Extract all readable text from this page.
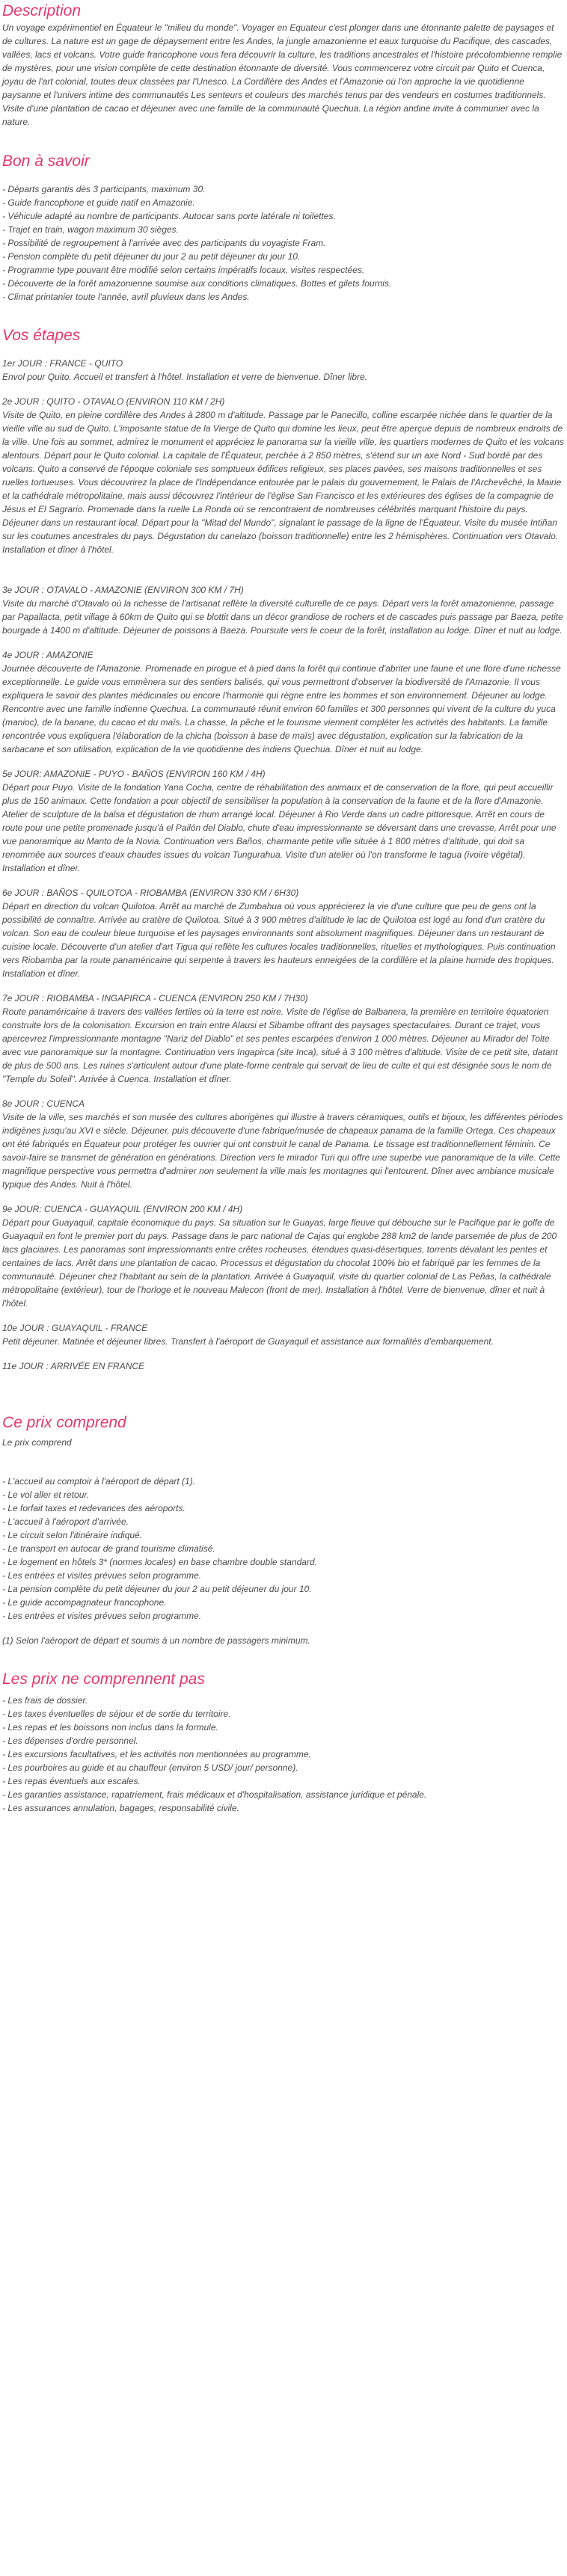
Description

Un voyage expérimentiel en Équateur le "milieu du monde". Voyager en Equateur c'est plonger dans une étonnante palette de paysages et de cultures. La nature est un gage de dépaysement entre les Andes, la jungle amazonienne et eaux turquoise du Pacifique, des cascades, vallées, lacs et volcans. Votre guide francophone vous fera découvrir la culture, les traditions ancestrales et l'histoire précolombienne remplie de mystères, pour une vision complète de cette destination étonnante de diversité. Vous commencerez votre circuit par Quito et Cuenca, joyau de l'art colonial, toutes deux classées par l'Unesco. La Cordillère des Andes et l'Amazonie où l'on approche la vie quotidienne paysanne et l'univers intime des communautés Les senteurs et couleurs des marchés tenus par des vendeurs en costumes traditionnels. Visite d'une plantation de cacao et déjeuner avec une famille de la communauté Quechua. La région andine invite à communier avec la nature.

Bon à savoir
- Départs garantis dès 3 participants, maximum 30.
- Guide francophone et guide natif en Amazonie.
- Véhicule adapté au nombre de participants. Autocar sans porte latérale ni toilettes.
- Trajet en train, wagon maximum 30 sièges.
- Possibilité de regroupement à l'arrivée avec des participants du voyagiste Fram.
- Pension complète du petit déjeuner du jour 2 au petit déjeuner du jour 10.
- Programme type pouvant être modifié selon certains impératifs locaux, visites respectées.
- Découverte de la forêt amazonienne soumise aux conditions climatiques. Bottes et gilets fournis.
- Climat printanier toute l'année, avril pluvieux dans les Andes.
Vos étapes
1er JOUR : FRANCE - QUITO

Envol pour Quito. Accueil et transfert à l'hôtel. Installation et verre de bienvenue. Dîner libre.

2e JOUR : QUITO - OTAVALO (ENVIRON 110 KM / 2H)

Visite de Quito, en pleine cordillère des Andes à 2800 m d'altitude. Passage par le Panecillo, colline escarpée nichée dans le quartier de la vieille ville au sud de Quito. L'imposante statue de la Vierge de Quito qui domine les lieux, peut être aperçue depuis de nombreux endroits de la ville. Une fois au sommet, admirez le monument et appréciez le panorama sur la vieille ville, les quartiers modernes de Quito et les volcans alentours. Départ pour le Quito colonial. La capitale de l'Équateur, perchée à 2 850 mètres, s'étend sur un axe Nord - Sud bordé par des volcans. Quito a conservé de l'époque coloniale ses somptueux édifices religieux, ses places pavées, ses maisons traditionnelles et ses ruelles tortueuses. Vous découvrirez la place de l'Indépendance entourée par le palais du gouvernement, le Palais de l'Archevêché, la Mairie et la cathédrale métropolitaine, mais aussi découvrez l'intérieur de l'église San Francisco et les extérieures des églises de la compagnie de Jésus et El Sagrario. Promenade dans la ruelle La Ronda où se rencontraient de nombreuses célébrités marquant l'histoire du pays. Déjeuner dans un restaurant local. Départ pour la "Mitad del Mundo", signalant le passage de la ligne de l'Équateur. Visite du musée Intiñan sur les coutumes ancestrales du pays. Dégustation du canelazo (boisson traditionnelle) entre les 2 hémisphères. Continuation vers Otavalo. Installation et dîner à l'hôtel.

3e JOUR : OTAVALO - AMAZONIE (ENVIRON 300 KM / 7H)

Visite du marché d'Otavalo où la richesse de l'artisanat reflète la diversité culturelle de ce pays. Départ vers la forêt amazonienne, passage par Papallacta, petit village à 60km de Quito qui se blottit dans un décor grandiose de rochers et de cascades puis passage par Baeza, petite bourgade à 1400 m d'altitude. Déjeuner de poissons à Baeza. Poursuite vers le coeur de la forêt, installation au lodge. Dîner et nuit au lodge.

4e JOUR : AMAZONIE

Journée découverte de l'Amazonie. Promenade en pirogue et à pied dans la forêt qui continue d'abriter une faune et une flore d'une richesse exceptionnelle. Le guide vous emmènera sur des sentiers balisés, qui vous permettront d'observer la biodiversité de l'Amazonie. Il vous expliquera le savoir des plantes médicinales ou encore l'harmonie qui règne entre les hommes et son environnement. Déjeuner au lodge. Rencontre avec une famille indienne Quechua. La communauté réunit environ 60 familles et 300 personnes qui vivent de la culture du yuca (manioc), de la banane, du cacao et du maïs. La chasse, la pêche et le tourisme viennent compléter les activités des habitants. La famille rencontrée vous expliquera l'élaboration de la chicha (boisson à base de maïs) avec dégustation, explication sur la fabrication de la sarbacane et son utilisation, explication de la vie quotidienne des indiens Quechua. Dîner et nuit au lodge.

5e JOUR: AMAZONIE - PUYO - BAÑOS (ENVIRON 160 KM / 4H)

Départ pour Puyo. Visite de la fondation Yana Cocha, centre de réhabilitation des animaux et de conservation de la flore, qui peut accueillir plus de 150 animaux. Cette fondation a pour objectif de sensibiliser la population à la conservation de la faune et de la flore d'Amazonie. Atelier de sculpture de la balsa et dégustation de rhum arrangé local. Déjeuner à Rio Verde dans un cadre pittoresque. Arrêt en cours de route pour une petite promenade jusqu'à el Pailón del Diablo, chute d'eau impressionnante se déversant dans une crevasse, Arrêt pour une vue panoramique au Manto de la Novia. Continuation vers Baños, charmante petite ville située à 1 800 mètres d'altitude, qui doit sa renommée aux sources d'eaux chaudes issues du volcan Tungurahua. Visite d'un atelier où l'on transforme le tagua (ivoire végétal). Installation et dîner.

6e JOUR : BAÑOS - QUILOTOA - RIOBAMBA (ENVIRON 330 KM / 6H30)

Départ en direction du volcan Quilotoa. Arrêt au marché de Zumbahua où vous apprécierez la vie d'une culture que peu de gens ont la possibilité de connaître. Arrivée au cratère de Quilotoa. Situé à 3 900 mètres d'altitude le lac de Quilotoa est logé au fond d'un cratère du volcan. Son eau de couleur bleue turquoise et les paysages environnants sont absolument magnifiques. Déjeuner dans un restaurant de cuisine locale. Découverte d'un atelier d'art Tigua qui reflète les cultures locales traditionnelles, rituelles et mythologiques. Puis continuation vers Riobamba par la route panaméricaine qui serpente à travers les hauteurs enneigées de la cordillère et la plaine humide des tropiques. Installation et dîner.

7e JOUR : RIOBAMBA - INGAPIRCA - CUENCA (ENVIRON 250 KM / 7H30)

Route panaméricaine à travers des vallées fertiles où la terre est noire. Visite de l'église de Balbanera, la première en territoire équatorien construite lors de la colonisation. Excursion en train entre Alausi et Sibambe offrant des paysages spectaculaires. Durant ce trajet, vous apercevrez l'impressionnante montagne "Nariz del Diablo" et ses pentes escarpées d'environ 1 000 mètres. Déjeuner au Mirador del Tolte avec vue panoramique sur la montagne. Continuation vers Ingapirca (site Inca), situé à 3 100 mètres d'altitude. Visite de ce petit site, datant de plus de 500 ans. Les ruines s'articulent autour d'une plate-forme centrale qui servait de lieu de culte et qui est désignée sous le nom de "Temple du Soleil". Arrivée à Cuenca. Installation et dîner.

8e JOUR : CUENCA

Visite de la ville, ses marchés et son musée des cultures aborigènes qui illustre à travers céramiques, outils et bijoux, les différentes périodes indigènes jusqu'au XVI e siècle. Déjeuner, puis découverte d'une fabrique/musée de chapeaux panama de la famille Ortega. Ces chapeaux ont été fabriqués en Équateur pour protéger les ouvrier qui ont construit le canal de Panama. Le tissage est traditionnellement féminin. Ce savoir-faire se transmet de génération en générations. Direction vers le mirador Turi qui offre une superbe vue panoramique de la ville. Cette magnifique perspective vous permettra d'admirer non seulement la ville mais les montagnes qui l'entourent. Dîner avec ambiance musicale typique des Andes. Nuit à l'hôtel.

9e JOUR: CUENCA - GUAYAQUIL (ENVIRON 200 KM / 4H)

Départ pour Guayaquil, capitale économique du pays. Sa situation sur le Guayas, large fleuve qui débouche sur le Pacifique par le golfe de Guayaquil en font le premier port du pays. Passage dans le parc national de Cajas qui englobe 288 km2 de lande parsemée de plus de 200 lacs glaciaires. Les panoramas sont impressionnants entre crêtes rocheuses, étendues quasi-désertiques, torrents dévalant les pentes et centaines de lacs. Arrêt dans une plantation de cacao. Processus et dégustation du chocolat 100% bio et fabriqué par les femmes de la communauté. Déjeuner chez l'habitant au sein de la plantation. Arrivée à Guayaquil, visite du quartier colonial de Las Peñas, la cathédrale métropolitaine (extérieur), tour de l'horloge et le nouveau Malecon (front de mer). Installation à l'hôtel. Verre de bienvenue, dîner et nuit à l'hôtel.

10e JOUR : GUAYAQUIL - FRANCE

Petit déjeuner. Matinée et déjeuner libres. Transfert à l'aéroport de Guayaquil et assistance aux formalités d'embarquement.

11e JOUR : ARRIVÉE EN FRANCE
Ce prix comprend
Le prix comprend
- L'accueil au comptoir à l'aéroport de départ (1).
- Le vol aller et retour.
- Le forfait taxes et redevances des aéroports.
- L'accueil à l'aéroport d'arrivée.
- Le circuit selon l'itinéraire indiqué.
- Le transport en autocar de grand tourisme climatisé.
- Le logement en hôtels 3* (normes locales) en base chambre double standard.
- Les entrées et visites prévues selon programme.
- La pension complète du petit déjeuner du jour 2 au petit déjeuner du jour 10.
- Le guide accompagnateur francophone.
- Les entrées et visites prévues selon programme.
(1) Selon l'aéroport de départ et soumis à un nombre de passagers minimum.
Les prix ne comprennent pas
- Les frais de dossier.
- Les taxes éventuelles de séjour et de sortie du territoire.
- Les repas et les boissons non inclus dans la formule.
- Les dépenses d'ordre personnel.
- Les excursions facultatives, et les activités non mentionnées au programme.
- Les pourboires au guide et au chauffeur (environ 5 USD/ jour/ personne).
- Les repas éventuels aux escales.
- Les garanties assistance, rapatriement, frais médicaux et d'hospitalisation, assistance juridique et pénale.
- Les assurances annulation, bagages, responsabilité civile.
